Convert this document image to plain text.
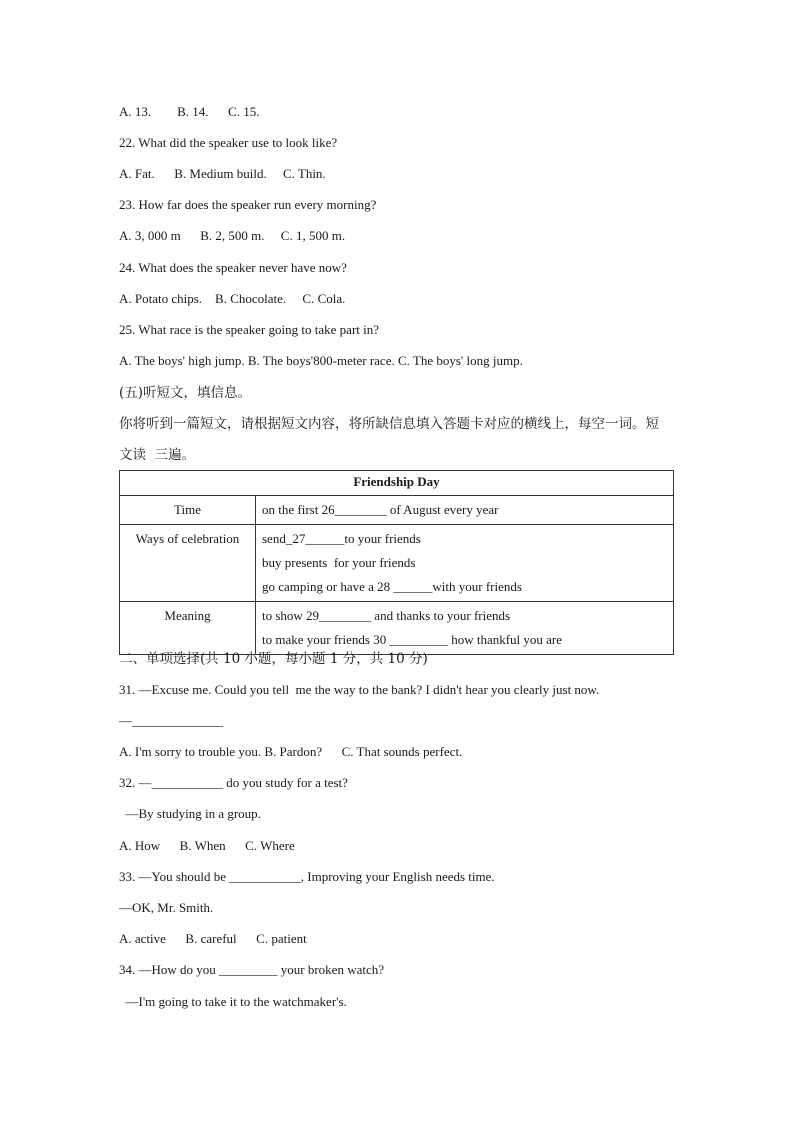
A. 13.        B. 14.      C. 15.
22. What did the speaker use to look like?
A. Fat.      B. Medium build.     C. Thin.
23. How far does the speaker run every morning?
A. 3, 000 m      B. 2, 500 m.     C. 1, 500 m.
24. What does the speaker never have now?
A. Potato chips.    B. Chocolate.     C. Cola.
25. What race is the speaker going to take part in?
A. The boys' high jump. B. The boys'800-meter race. C. The boys' long jump.
(五)听短文，填信息。
你将听到一篇短文，请根据短文内容，将所缺信息填入答题卡对应的横线上，每空一词。短
文读  三遍。
Friendship Day	
Time	on the first 26________ of August every year

Ways of celebration	send_27______to your friends
buy presents  for your friends
go camping or have a 28 ______with your friends

Meaning	to show 29________ and thanks to your friends
to make your friends 30 _________ how thankful you are
二、单项选择(共 10 小题，每小题 1 分，共 10 分)
31. —Excuse me. Could you tell  me the way to the bank? I didn't hear you clearly just now.
—______________
A. I'm sorry to trouble you. B. Pardon?      C. That sounds perfect.
32. —___________ do you study for a test?
—By studying in a group.
A. How      B. When      C. Where
33. —You should be ___________, Improving your English needs time.
—OK, Mr. Smith.
A. active      B. careful      C. patient
34. —How do you _________ your broken watch?
—I'm going to take it to the watchmaker's.
